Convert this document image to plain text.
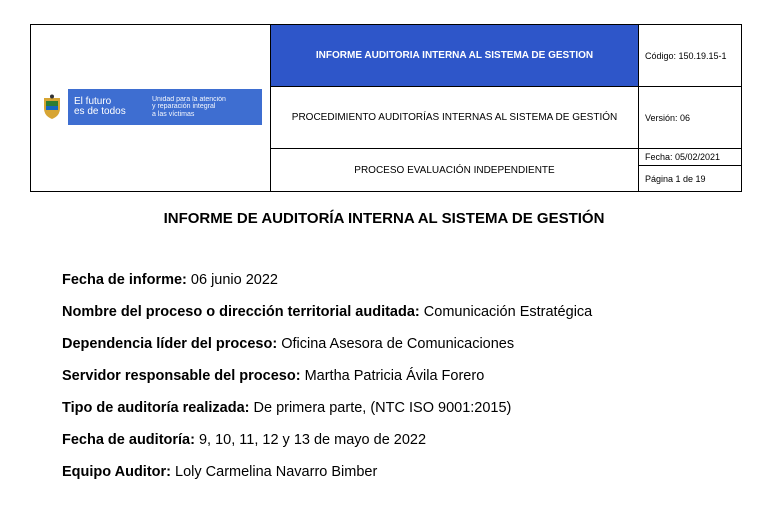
El futuro
es de todos
Unidad para la atención
y reparación integral
a las víctimas
INFORME AUDITORIA INTERNA AL SISTEMA DE GESTION
PROCEDIMIENTO AUDITORÍAS INTERNAS AL SISTEMA DE GESTIÓN
PROCESO EVALUACIÓN INDEPENDIENTE
Código: 150.19.15-1
Versión: 06
Fecha: 05/02/2021
Página 1 de 19
INFORME DE AUDITORÍA INTERNA AL SISTEMA DE GESTIÓN
Fecha de informe: 06 junio 2022
Nombre del proceso o dirección territorial auditada: Comunicación Estratégica
Dependencia líder del proceso: Oficina Asesora de Comunicaciones
Servidor responsable del proceso: Martha Patricia Ávila Forero
Tipo de auditoría realizada: De primera parte, (NTC ISO 9001:2015)
Fecha de auditoría: 9, 10, 11, 12 y 13 de mayo de 2022
Equipo Auditor: Loly Carmelina Navarro Bimber
